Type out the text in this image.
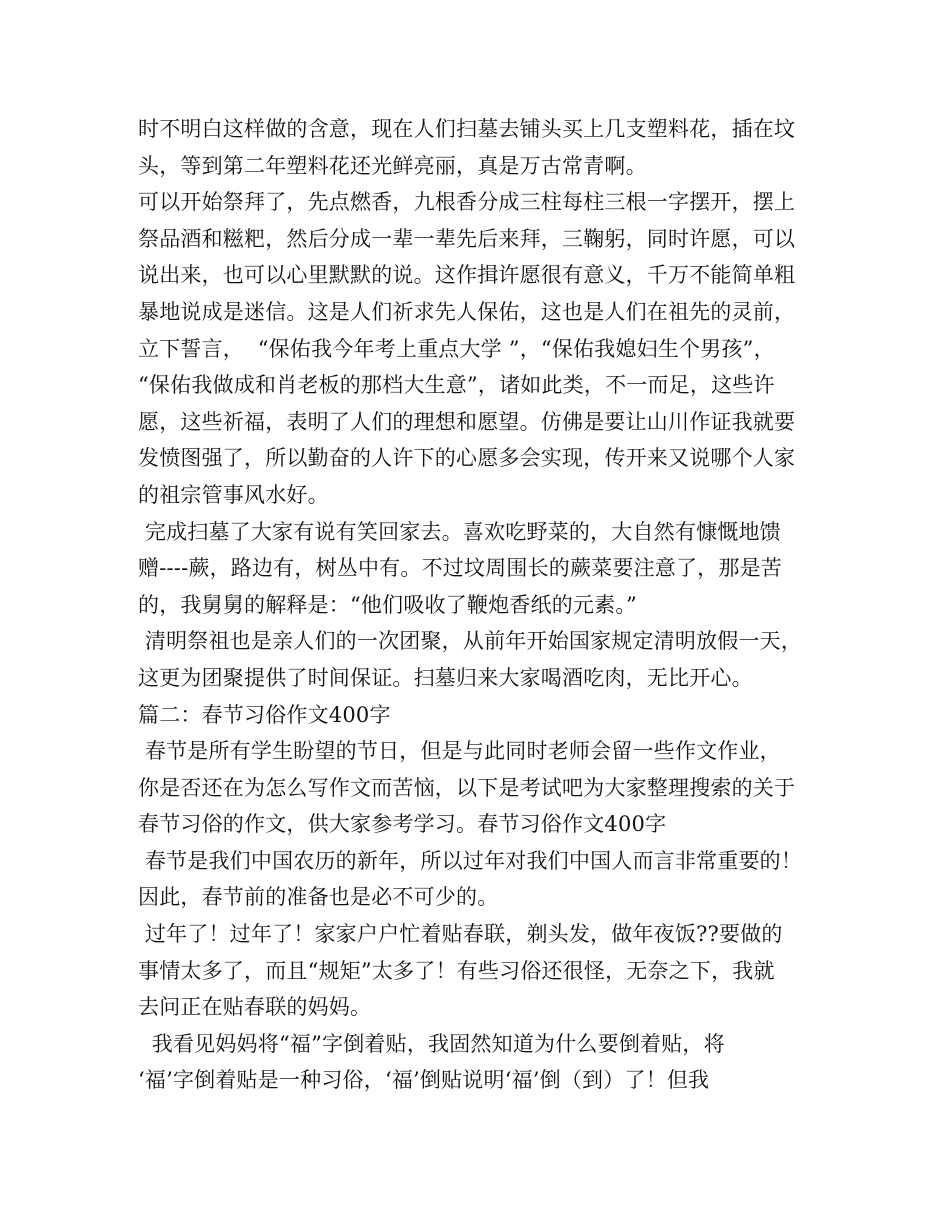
时不明白这样做的含意，现在人们扫墓去铺头买上几支塑料花，插在坟
头，等到第二年塑料花还光鲜亮丽，真是万古常青啊。
可以开始祭拜了，先点燃香，九根香分成三柱每柱三根一字摆开，摆上
祭品酒和糍粑，然后分成一辈一辈先后来拜，三鞠躬，同时许愿，可以
说出来，也可以心里默默的说。这作揖许愿很有意义，千万不能简单粗
暴地说成是迷信。这是人们祈求先人保佑，这也是人们在祖先的灵前，
立下誓言，  “保佑我今年考上重点大学 ”，“保佑我媳妇生个男孩”，
“保佑我做成和肖老板的那档大生意”，诸如此类，不一而足，这些许
愿，这些祈福，表明了人们的理想和愿望。仿佛是要让山川作证我就要
发愤图强了，所以勤奋的人许下的心愿多会实现，传开来又说哪个人家
的祖宗管事风水好。
完成扫墓了大家有说有笑回家去。喜欢吃野菜的，大自然有慷慨地馈
赠----蕨，路边有，树丛中有。不过坟周围长的蕨菜要注意了，那是苦
的，我舅舅的解释是：“他们吸收了鞭炮香纸的元素。”
清明祭祖也是亲人们的一次团聚，从前年开始国家规定清明放假一天，
这更为团聚提供了时间保证。扫墓归来大家喝酒吃肉，无比开心。
篇二：春节习俗作文400字
春节是所有学生盼望的节日，但是与此同时老师会留一些作文作业，
你是否还在为怎么写作文而苦恼，以下是考试吧为大家整理搜索的关于
春节习俗的作文，供大家参考学习。春节习俗作文400字
春节是我们中国农历的新年，所以过年对我们中国人而言非常重要的！
因此，春节前的准备也是必不可少的。
过年了！过年了！家家户户忙着贴春联，剃头发，做年夜饭??要做的
事情太多了，而且“规矩”太多了！有些习俗还很怪，无奈之下，我就
去问正在贴春联的妈妈。
我看见妈妈将“福”字倒着贴，我固然知道为什么要倒着贴，将
‘福’字倒着贴是一种习俗，‘福’倒贴说明‘福’倒（到）了！但我
